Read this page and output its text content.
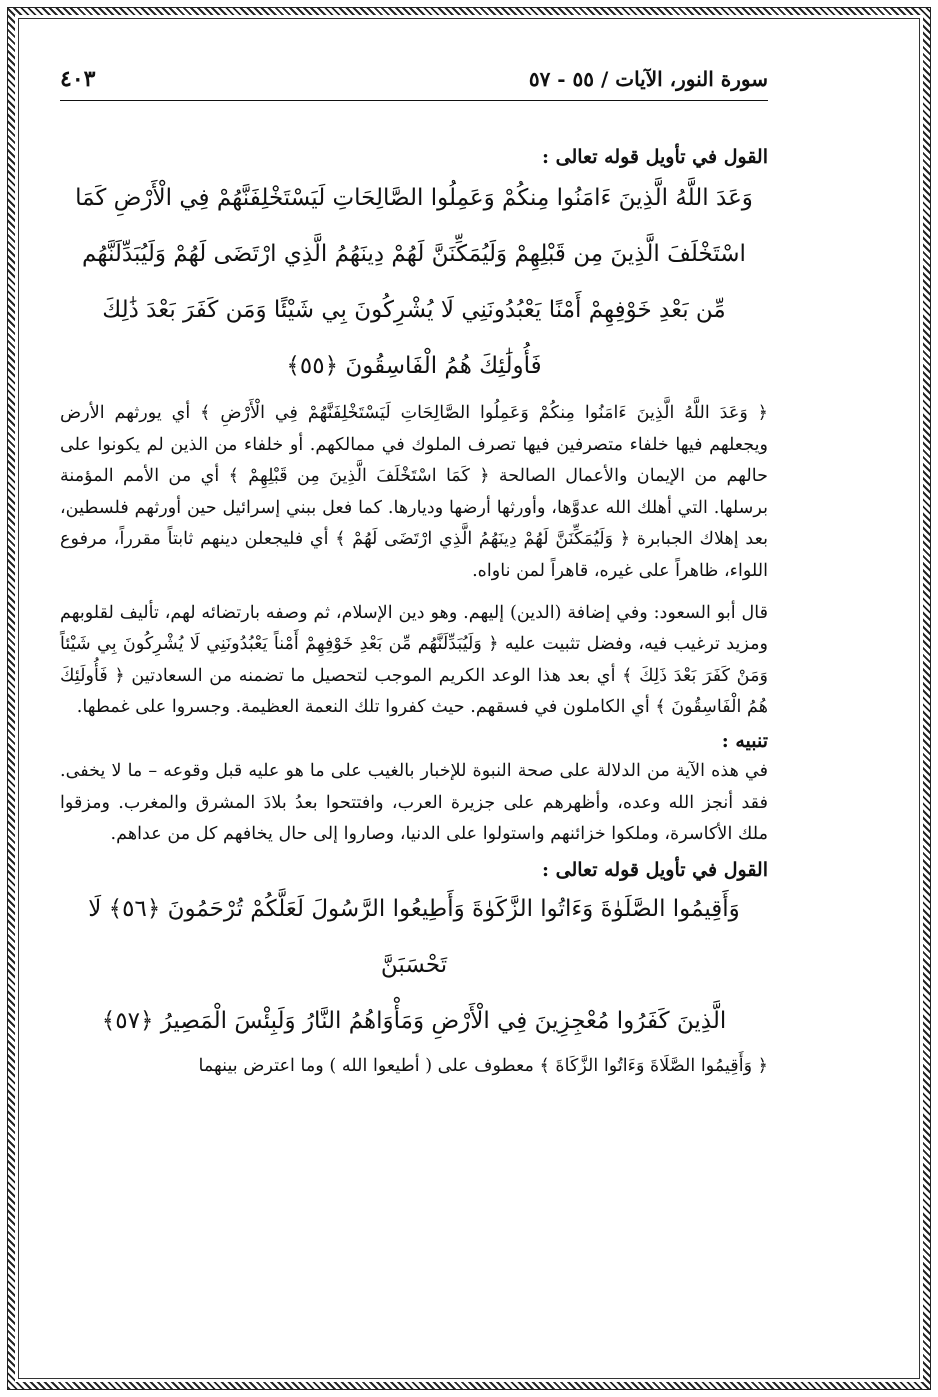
سورة النور، الآيات / ٥٥ - ٥٧
٤٠٣

القول في تأويل قوله تعالى :

وَعَدَ اللَّهُ الَّذِينَ ءَامَنُوا مِنكُمْ وَعَمِلُوا الصَّالِحَاتِ لَيَسْتَخْلِفَنَّهُمْ فِي الْأَرْضِ كَمَا

اسْتَخْلَفَ الَّذِينَ مِن قَبْلِهِمْ وَلَيُمَكِّنَنَّ لَهُمْ دِينَهُمُ الَّذِي ارْتَضَى لَهُمْ وَلَيُبَدِّلَنَّهُم

مِّن بَعْدِ خَوْفِهِمْ أَمْنًا يَعْبُدُونَنِي لَا يُشْرِكُونَ بِي شَيْئًا وَمَن كَفَرَ بَعْدَ ذَٰلِكَ

فَأُولَٰئِكَ هُمُ الْفَاسِقُونَ ﴿٥٥﴾

﴿ وَعَدَ اللَّهُ الَّذِينَ ءَامَنُوا مِنكُمْ وَعَمِلُوا الصَّالِحَاتِ لَيَسْتَخْلِفَنَّهُمْ فِي الْأَرْضِ ﴾ أي يورثهم الأرض ويجعلهم فيها خلفاء متصرفين فيها تصرف الملوك في ممالكهم. أو خلفاء من الذين لم يكونوا على حالهم من الإيمان والأعمال الصالحة ﴿ كَمَا اسْتَخْلَفَ الَّذِينَ مِن قَبْلِهِمْ ﴾ أي من الأمم المؤمنة برسلها. التي أهلك الله عدوَّها، وأورثها أرضها وديارها. كما فعل ببني إسرائيل حين أورثهم فلسطين، بعد إهلاك الجبابرة ﴿ وَلَيُمَكِّنَنَّ لَهُمْ دِينَهُمُ الَّذِي ارْتَضَى لَهُمْ ﴾ أي فليجعلن دينهم ثابتاً مقرراً، مرفوع اللواء، ظاهراً على غيره، قاهراً لمن ناواه.

قال أبو السعود: وفي إضافة (الدين) إليهم. وهو دين الإسلام، ثم وصفه بارتضائه لهم، تأليف لقلوبهم ومزيد ترغيب فيه، وفضل تثبيت عليه ﴿ وَلَيُبَدِّلَنَّهُم مِّن بَعْدِ خَوْفِهِمْ أَمْناً يَعْبُدُونَنِي لَا يُشْرِكُونَ بِي شَيْئاً وَمَنْ كَفَرَ بَعْدَ ذَلِكَ ﴾ أي بعد هذا الوعد الكريم الموجب لتحصيل ما تضمنه من السعادتين ﴿ فَأُولَئِكَ هُمُ الْفَاسِقُونَ ﴾ أي الكاملون في فسقهم. حيث كفروا تلك النعمة العظيمة. وجسروا على غمطها.

تنبيه :

في هذه الآية من الدلالة على صحة النبوة للإخبار بالغيب على ما هو عليه قبل وقوعه – ما لا يخفى. فقد أنجز الله وعده، وأظهرهم على جزيرة العرب، وافتتحوا بعدُ بلادَ المشرق والمغرب. ومزقوا ملك الأكاسرة، وملكوا خزائنهم واستولوا على الدنيا، وصاروا إلى حال يخافهم كل من عداهم.

القول في تأويل قوله تعالى :

وَأَقِيمُوا الصَّلَوٰةَ وَءَاتُوا الزَّكَوٰةَ وَأَطِيعُوا الرَّسُولَ لَعَلَّكُمْ تُرْحَمُونَ ﴿٥٦﴾ لَا تَحْسَبَنَّ

الَّذِينَ كَفَرُوا مُعْجِزِينَ فِي الْأَرْضِ وَمَأْوَاهُمُ النَّارُ وَلَبِئْسَ الْمَصِيرُ ﴿٥٧﴾

﴿ وَأَقِيمُوا الصَّلَاةَ وَءَاتُوا الزَّكَاةَ ﴾ معطوف على ( أطيعوا الله ) وما اعترض بينهما
